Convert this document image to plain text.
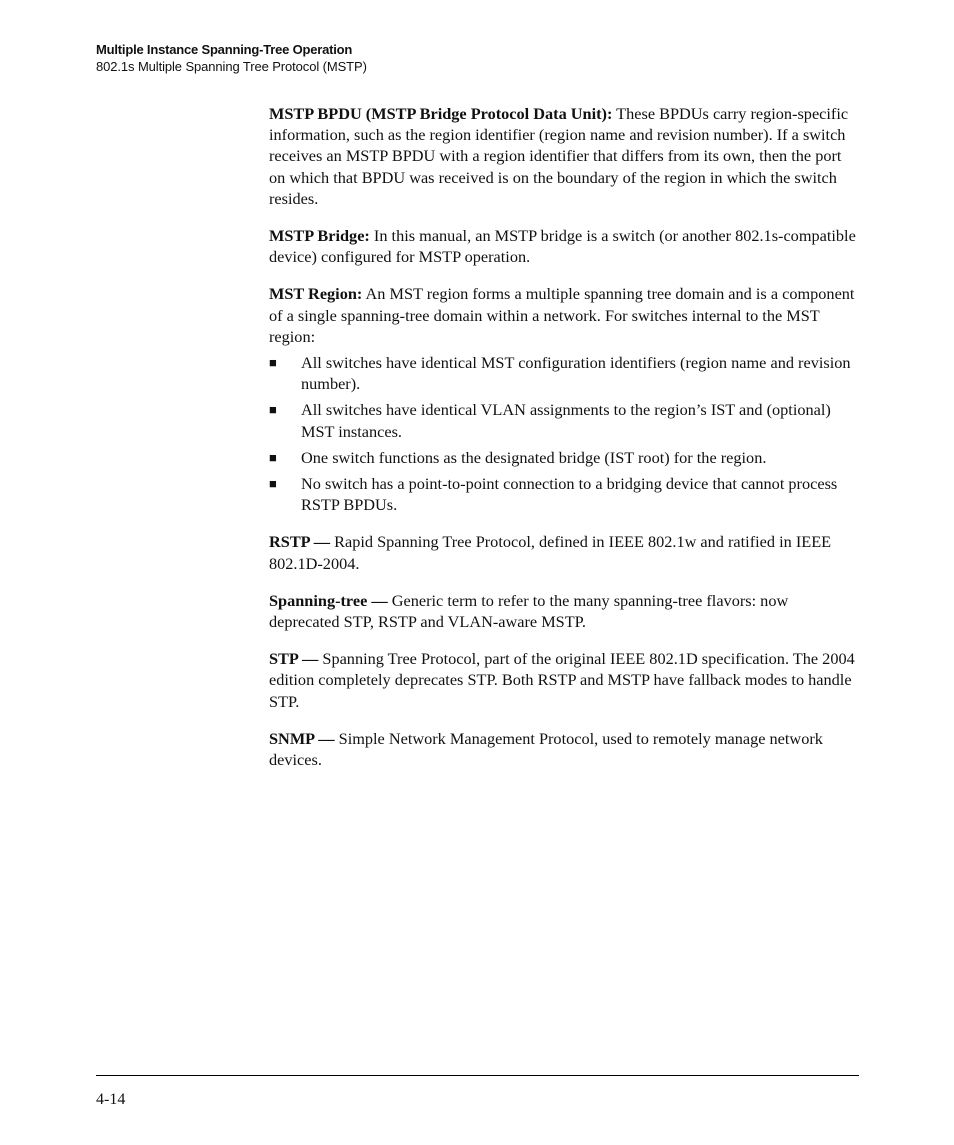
Multiple Instance Spanning-Tree Operation
802.1s Multiple Spanning Tree Protocol (MSTP)

MSTP BPDU (MSTP Bridge Protocol Data Unit): These BPDUs carry region-specific information, such as the region identifier (region name and revision number). If a switch receives an MSTP BPDU with a region identifier that differs from its own, then the port on which that BPDU was received is on the boundary of the region in which the switch resides.

MSTP Bridge: In this manual, an MSTP bridge is a switch (or another 802.1s-compatible device) configured for MSTP operation.

MST Region: An MST region forms a multiple spanning tree domain and is a component of a single spanning-tree domain within a network. For switches internal to the MST region:

■ All switches have identical MST configuration identifiers (region name and revision number).
■ All switches have identical VLAN assignments to the region’s IST and (optional) MST instances.
■ One switch functions as the designated bridge (IST root) for the region.
■ No switch has a point-to-point connection to a bridging device that cannot process RSTP BPDUs.

RSTP — Rapid Spanning Tree Protocol, defined in IEEE 802.1w and ratified in IEEE 802.1D-2004.

Spanning-tree — Generic term to refer to the many spanning-tree flavors: now deprecated STP, RSTP and VLAN-aware MSTP.

STP — Spanning Tree Protocol, part of the original IEEE 802.1D specification. The 2004 edition completely deprecates STP. Both RSTP and MSTP have fallback modes to handle STP.

SNMP — Simple Network Management Protocol, used to remotely manage network devices.

4-14
